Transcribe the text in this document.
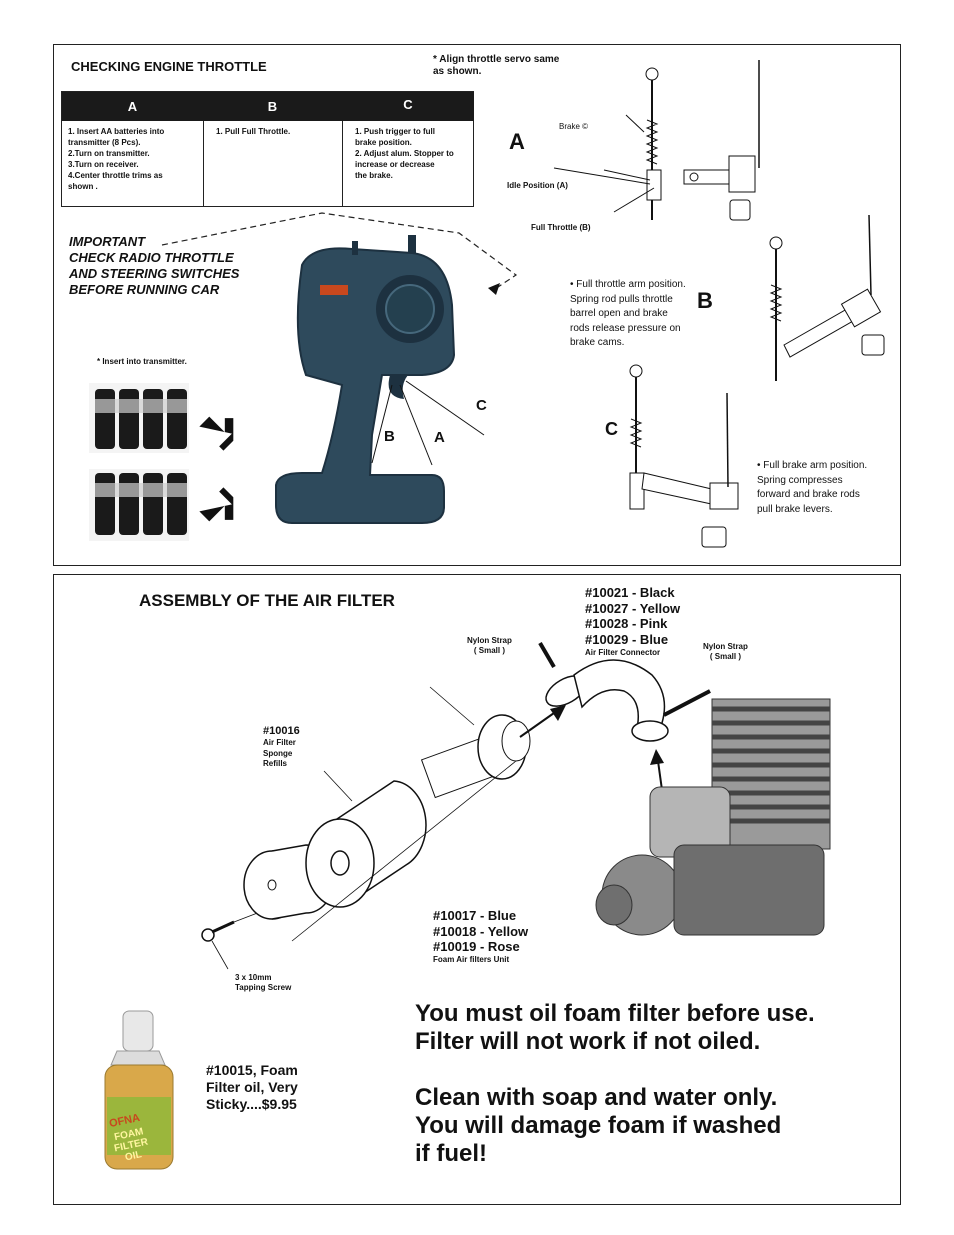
CHECKING ENGINE THROTTLE	* Align throttle servo same
as shown.
A	B	C
1. Insert AA batteries into
transmitter (8 Pcs).
2.Turn on transmitter.
3.Turn on receiver.
4.Center throttle trims as
shown .
1. Pull Full Throttle.	1. Push trigger to full
brake position.
2. Adjust alum. Stopper to
increase or decrease
the brake.
IMPORTANT
CHECK RADIO THROTTLE
AND STEERING SWITCHES
BEFORE RUNNING CAR
* Insert into transmitter.
B	A
C
A
Brake ©
Idle Position (A)
Full Throttle (B)
B
• Full throttle arm position.
Spring rod pulls throttle
barrel open and brake
rods release pressure on
brake cams.
C
• Full brake arm position.
Spring compresses
forward and brake rods
pull brake levers.
ASSEMBLY OF THE AIR FILTER	#10021 - Black
#10027 - Yellow
#10028 - Pink
#10029 - Blue
Air Filter Connector
Nylon Strap
( Small )	Nylon Strap
( Small )
#10016
Air Filter
Sponge
Refills
#10017 - Blue
#10018 - Yellow
#10019 - Rose
Foam Air filters Unit
3 x 10mm
Tapping Screw
OFNA
FOAM
FILTER
OIL
#10015, Foam
Filter oil, Very
Sticky....$9.95
You must oil foam filter before use.
Filter will not work if not oiled.
Clean with soap and water only.
You will damage foam if washed
if fuel!
